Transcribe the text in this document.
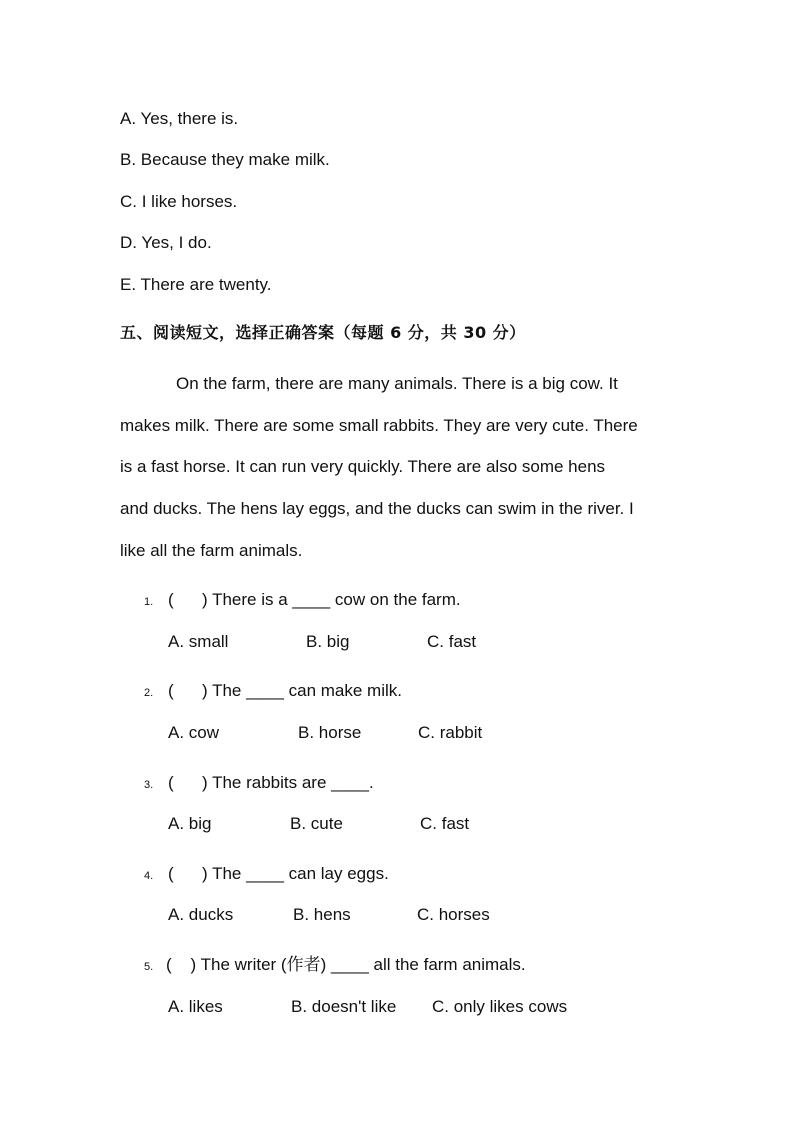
A. Yes, there is.
B. Because they make milk.
C. I like horses.
D. Yes, I do.
E. There are twenty.
五、阅读短文，选择正确答案（每题 6 分，共 30 分）
On the farm, there are many animals. There is a big cow. It
makes milk. There are some small rabbits. They are very cute. There
is a fast horse. It can run very quickly. There are also some hens
and ducks. The hens lay eggs, and the ducks can swim in the river. I
like all the farm animals.
1. (      ) There is a ____ cow on the farm.
A. small	B. big	C. fast
2. (      ) The ____ can make milk.
A. cow	B. horse	C. rabbit
3. (      ) The rabbits are ____.
A. big	B. cute	C. fast
4. (      ) The ____ can lay eggs.
A. ducks	B. hens	C. horses
5. (    ) The writer (作者) ____ all the farm animals.
A. likes	B. doesn't like C. only likes cows
